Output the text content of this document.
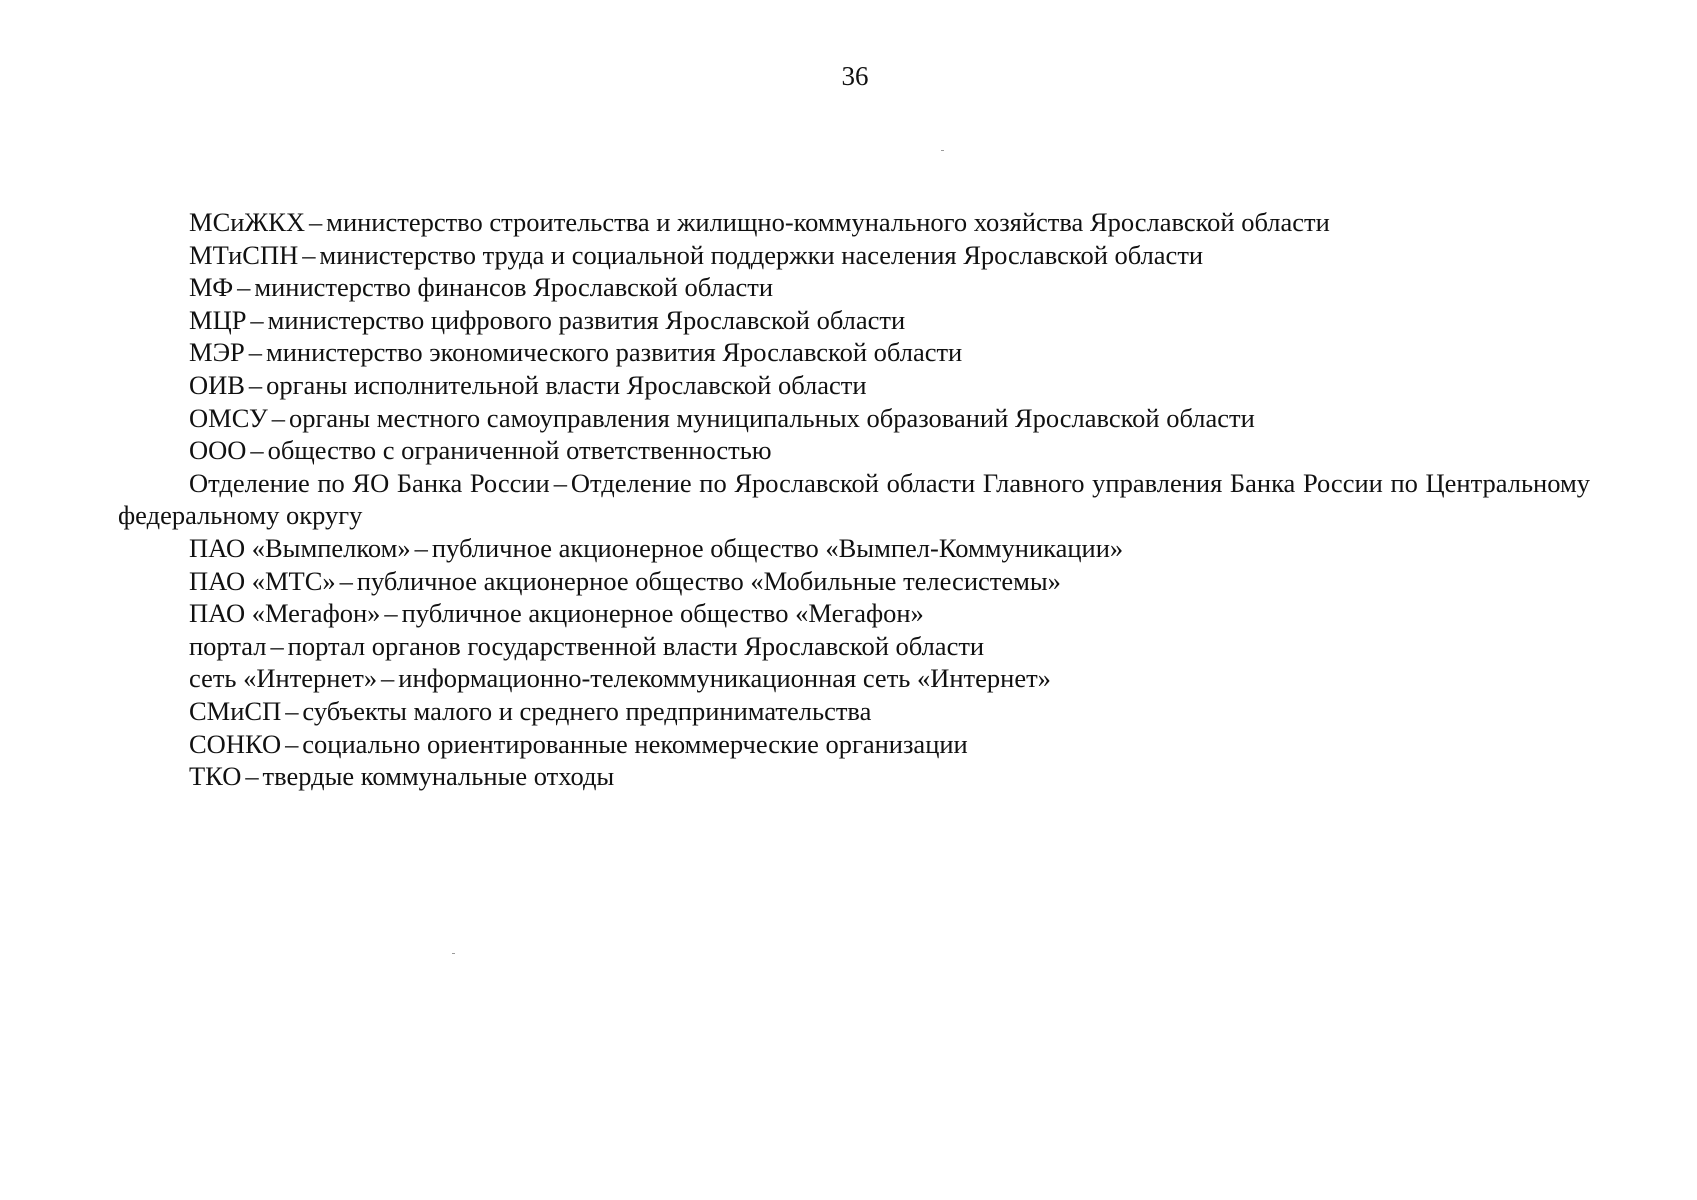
36

МСиЖКХ – министерство строительства и жилищно-коммунального хозяйства Ярославской области

МТиСПН – министерство труда и социальной поддержки населения Ярославской области

МФ – министерство финансов Ярославской области

МЦР – министерство цифрового развития Ярославской области

МЭР – министерство экономического развития Ярославской области

ОИВ – органы исполнительной власти Ярославской области

ОМСУ – органы местного самоуправления муниципальных образований Ярославской области

ООО – общество с ограниченной ответственностью

Отделение по ЯО Банка России – Отделение по Ярославской области Главного управления Банка России по Центральному федеральному округу

ПАО «Вымпелком» – публичное акционерное общество «Вымпел-Коммуникации»

ПАО «МТС» – публичное акционерное общество «Мобильные телесистемы»

ПАО «Мегафон» – публичное акционерное общество «Мегафон»

портал – портал органов государственной власти Ярославской области

сеть «Интернет» – информационно-телекоммуникационная сеть «Интернет»

СМиСП – субъекты малого и среднего предпринимательства

СОНКО – социально ориентированные некоммерческие организации

ТКО – твердые коммунальные отходы
